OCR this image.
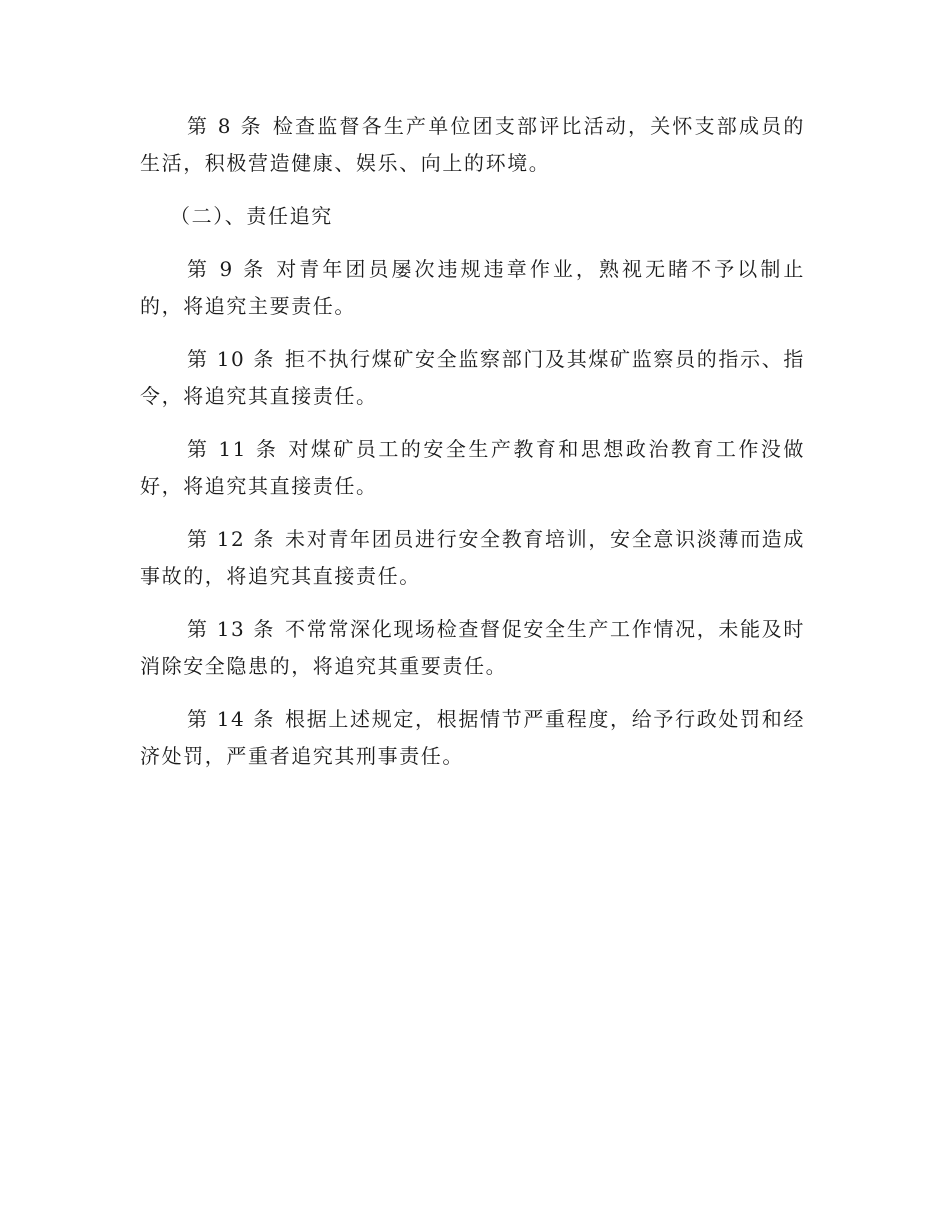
第 8 条 检查监督各生产单位团支部评比活动，关怀支部成员的生活，积极营造健康、娱乐、向上的环境。

（二）、责任追究

第 9 条 对青年团员屡次违规违章作业，熟视无睹不予以制止的，将追究主要责任。

第 10 条 拒不执行煤矿安全监察部门及其煤矿监察员的指示、指令，将追究其直接责任。

第 11 条 对煤矿员工的安全生产教育和思想政治教育工作没做好，将追究其直接责任。

第 12 条 未对青年团员进行安全教育培训，安全意识淡薄而造成事故的，将追究其直接责任。

第 13 条 不常常深化现场检查督促安全生产工作情况，未能及时消除安全隐患的，将追究其重要责任。

第 14 条 根据上述规定，根据情节严重程度，给予行政处罚和经济处罚，严重者追究其刑事责任。
